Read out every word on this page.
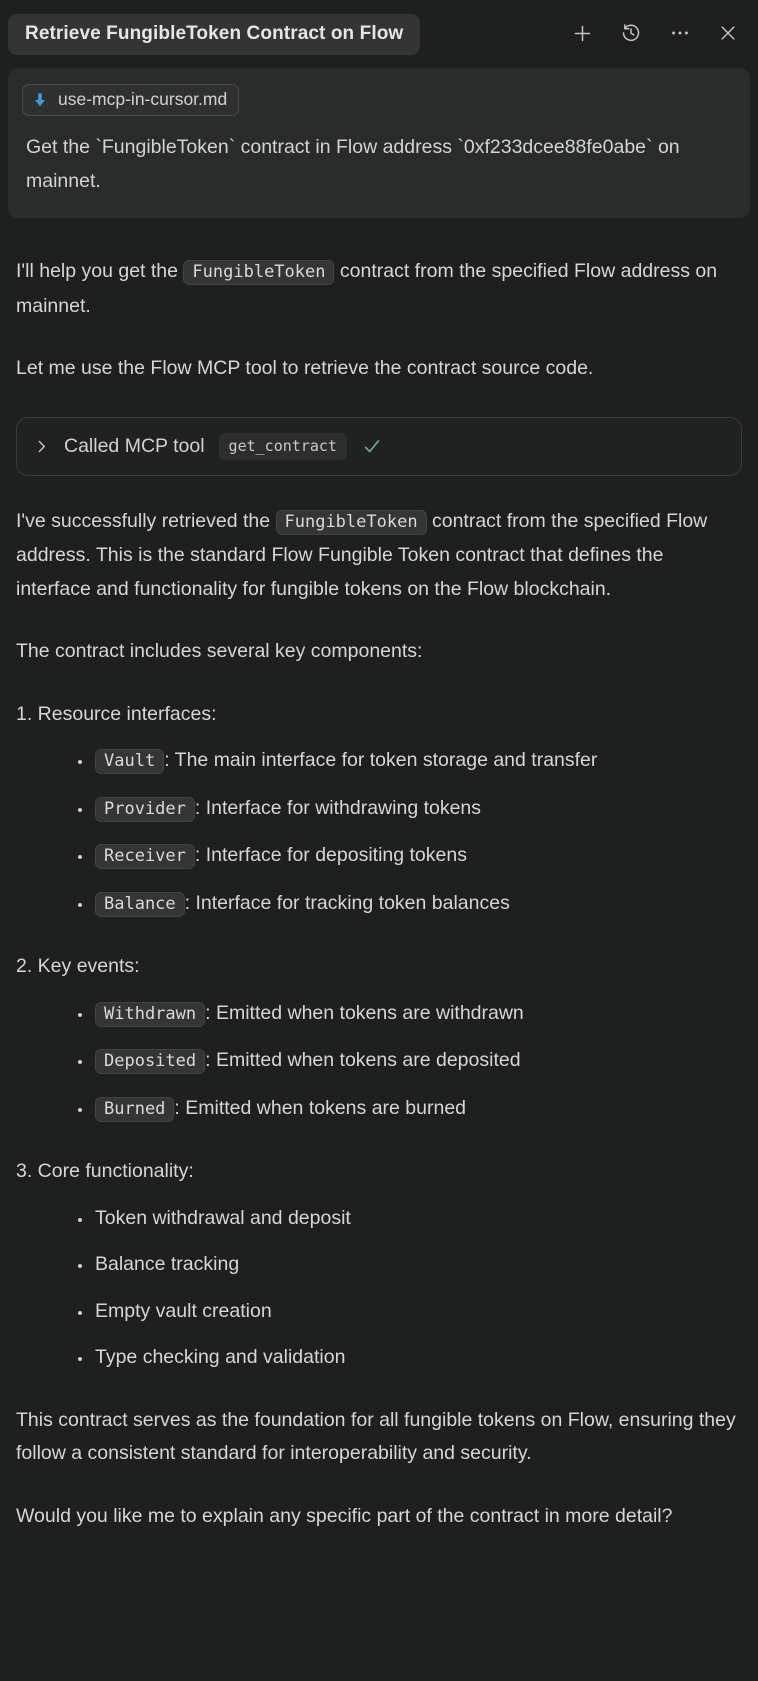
Retrieve FungibleToken Contract on Flow
use-mcp-in-cursor.md
Get the `FungibleToken` contract in Flow address `0xf233dcee88fe0abe` on mainnet.

I'll help you get the FungibleToken contract from the specified Flow address on mainnet.

Let me use the Flow MCP tool to retrieve the contract source code.

Called MCP tool	get_contract

I've successfully retrieved the FungibleToken contract from the specified Flow address. This is the standard Flow Fungible Token contract that defines the interface and functionality for fungible tokens on the Flow blockchain.

The contract includes several key components:

1. Resource interfaces:

• Vault : The main interface for token storage and transfer
• Provider : Interface for withdrawing tokens
• Receiver : Interface for depositing tokens
• Balance : Interface for tracking token balances

2. Key events:

• Withdrawn : Emitted when tokens are withdrawn
• Deposited : Emitted when tokens are deposited
• Burned : Emitted when tokens are burned

3. Core functionality:

• Token withdrawal and deposit
• Balance tracking
• Empty vault creation
• Type checking and validation

This contract serves as the foundation for all fungible tokens on Flow, ensuring they follow a consistent standard for interoperability and security.

Would you like me to explain any specific part of the contract in more detail?
